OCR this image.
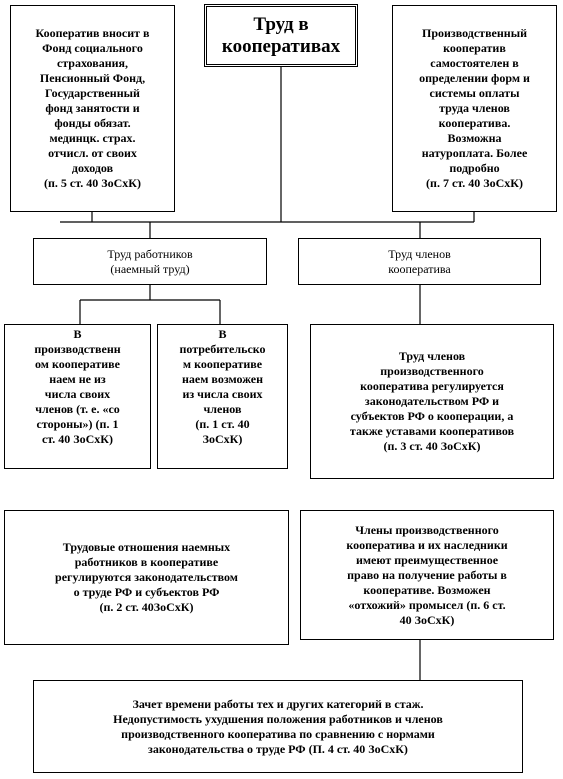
Труд в
кооперативах
Кооператив вносит в
Фонд социального
страхования,
Пенсионный Фонд,
Государственный
фонд занятости и
фонды обязат.
мединцк. страх.
отчисл. от своих
доходов
(п. 5 ст. 40 ЗоСхК)
Производственный
кооператив
самостоятелен в
определении форм и
системы оплаты
труда членов
кооператива.
Возможна
натуроплата. Более
подробно
(п. 7 ст. 40 ЗоСхК)
Труд работников
(наемный труд)
Труд членов
кооператива
В
производственн
ом кооперативе
наем не из
числа своих
членов (т. е. «со
стороны») (п. 1
ст. 40 ЗоСхК)
В
потребительско
м кооперативе
наем возможен
из числа своих
членов
(п. 1 ст. 40
ЗоСхК)
Труд членов
производственного
кооператива регулируется
законодательством РФ и
субъектов РФ о кооперации, а
также уставами кооперативов
(п. 3 ст. 40 ЗоСхК)
Трудовые отношения наемных
работников в кооперативе
регулируются законодательством
о труде РФ и субъектов РФ
(п. 2 ст. 40ЗоСхК)
Члены производственного
кооператива и их наследники
имеют преимущественное
право на получение работы в
кооперативе. Возможен
«отхожий» промысел (п. 6 ст.
40 ЗоСхК)
Зачет времени работы тех и других категорий в стаж.
Недопустимость ухудшения положения работников и членов
производственного кооператива по сравнению с нормами
законодательства о труде РФ (П. 4 ст. 40 ЗоСхК)
